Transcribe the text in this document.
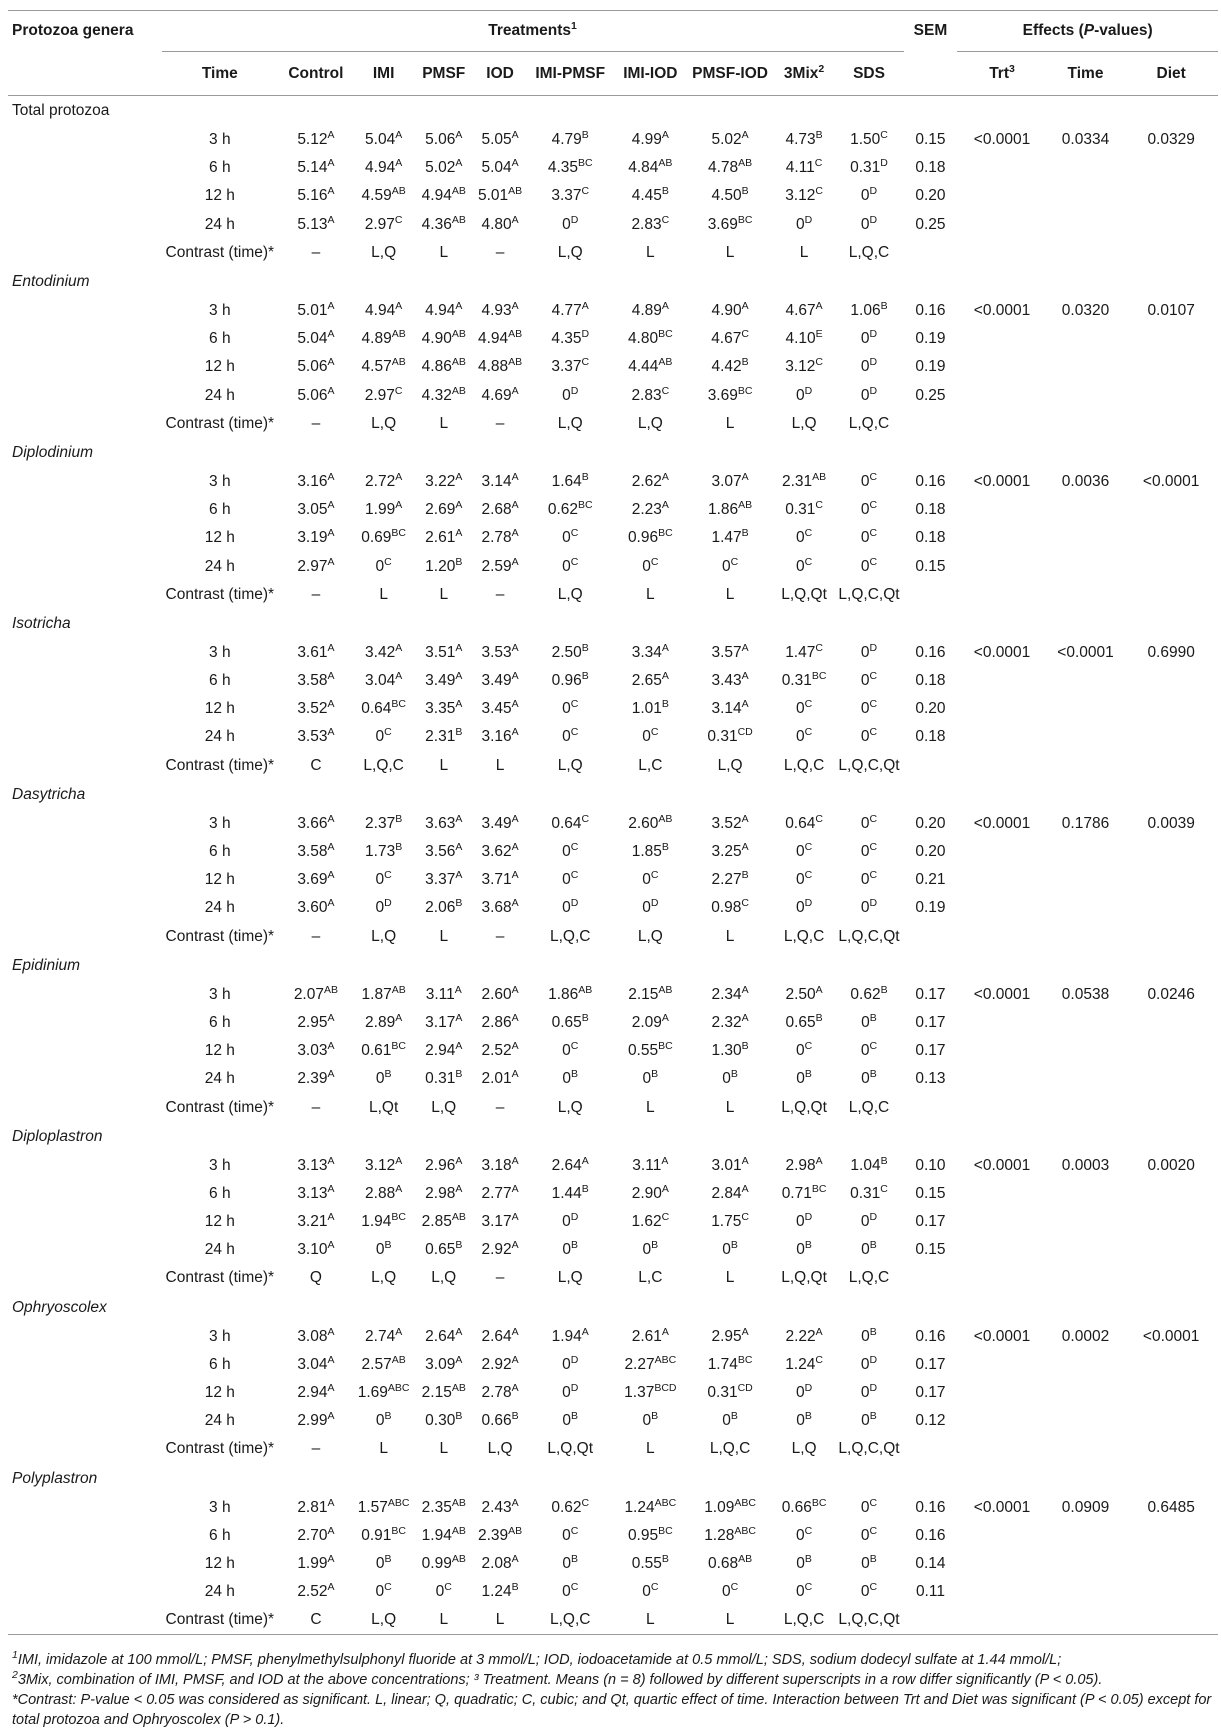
Protozoa genera	Treatments$^1$										SEM	Effects (P-values)		
	Time	Control	IMI	PMSF	IOD	IMI-PMSF	IMI-IOD	PMSF-IOD	3Mix$^2$	SDS		Trt$^3$	Time	Diet
Total protozoa														
	3 h	$5.12^A$	$5.04^A$	$5.06^A$	$5.05^A$	$4.79^B$	$4.99^A$	$5.02^A$	$4.73^B$	$1.50^C$	0.15	<0.0001	0.0334	0.0329
	6 h	$5.14^A$	$4.94^A$	$5.02^A$	$5.04^A$	$4.35^{BC}$	$4.84^{AB}$	$4.78^{AB}$	$4.11^C$	$0.31^D$	0.18			
	12 h	$5.16^A$	$4.59^{AB}$	$4.94^{AB}$	$5.01^{AB}$	$3.37^C$	$4.45^B$	$4.50^B$	$3.12^C$	$0^D$	0.20			
	24 h	$5.13^A$	$2.97^C$	$4.36^{AB}$	$4.80^A$	$0^D$	$2.83^C$	$3.69^{BC}$	$0^D$	$0^D$	0.25			
	Contrast (time)*	–	L,Q	L	–	L,Q	L	L	L	L,Q,C				
Entodinium														
	3 h	$5.01^A$	$4.94^A$	$4.94^A$	$4.93^A$	$4.77^A$	$4.89^A$	$4.90^A$	$4.67^A$	$1.06^B$	0.16	<0.0001	0.0320	0.0107
	6 h	$5.04^A$	$4.89^{AB}$	$4.90^{AB}$	$4.94^{AB}$	$4.35^D$	$4.80^{BC}$	$4.67^C$	$4.10^E$	$0^D$	0.19			
	12 h	$5.06^A$	$4.57^{AB}$	$4.86^{AB}$	$4.88^{AB}$	$3.37^C$	$4.44^{AB}$	$4.42^B$	$3.12^C$	$0^D$	0.19			
	24 h	$5.06^A$	$2.97^C$	$4.32^{AB}$	$4.69^A$	$0^D$	$2.83^C$	$3.69^{BC}$	$0^D$	$0^D$	0.25			
	Contrast (time)*	–	L,Q	L	–	L,Q	L,Q	L	L,Q	L,Q,C				
Diplodinium														
	3 h	$3.16^A$	$2.72^A$	$3.22^A$	$3.14^A$	$1.64^B$	$2.62^A$	$3.07^A$	$2.31^{AB}$	$0^C$	0.16	<0.0001	0.0036	<0.0001
	6 h	$3.05^A$	$1.99^A$	$2.69^A$	$2.68^A$	$0.62^{BC}$	$2.23^A$	$1.86^{AB}$	$0.31^C$	$0^C$	0.18			
	12 h	$3.19^A$	$0.69^{BC}$	$2.61^A$	$2.78^A$	$0^C$	$0.96^{BC}$	$1.47^B$	$0^C$	$0^C$	0.18			
	24 h	$2.97^A$	$0^C$	$1.20^B$	$2.59^A$	$0^C$	$0^C$	$0^C$	$0^C$	$0^C$	0.15			
	Contrast (time)*	–	L	L	–	L,Q	L	L	L,Q,Qt	L,Q,C,Qt				
Isotricha														
	3 h	$3.61^A$	$3.42^A$	$3.51^A$	$3.53^A$	$2.50^B$	$3.34^A$	$3.57^A$	$1.47^C$	$0^D$	0.16	<0.0001	<0.0001	0.6990
	6 h	$3.58^A$	$3.04^A$	$3.49^A$	$3.49^A$	$0.96^B$	$2.65^A$	$3.43^A$	$0.31^{BC}$	$0^C$	0.18			
	12 h	$3.52^A$	$0.64^{BC}$	$3.35^A$	$3.45^A$	$0^C$	$1.01^B$	$3.14^A$	$0^C$	$0^C$	0.20			
	24 h	$3.53^A$	$0^C$	$2.31^B$	$3.16^A$	$0^C$	$0^C$	$0.31^{CD}$	$0^C$	$0^C$	0.18			
	Contrast (time)*	C	L,Q,C	L	L	L,Q	L,C	L,Q	L,Q,C	L,Q,C,Qt				
Dasytricha														
	3 h	$3.66^A$	$2.37^B$	$3.63^A$	$3.49^A$	$0.64^C$	$2.60^{AB}$	$3.52^A$	$0.64^C$	$0^C$	0.20	<0.0001	0.1786	0.0039
	6 h	$3.58^A$	$1.73^B$	$3.56^A$	$3.62^A$	$0^C$	$1.85^B$	$3.25^A$	$0^C$	$0^C$	0.20			
	12 h	$3.69^A$	$0^C$	$3.37^A$	$3.71^A$	$0^C$	$0^C$	$2.27^B$	$0^C$	$0^C$	0.21			
	24 h	$3.60^A$	$0^D$	$2.06^B$	$3.68^A$	$0^D$	$0^D$	$0.98^C$	$0^D$	$0^D$	0.19			
	Contrast (time)*	–	L,Q	L	–	L,Q,C	L,Q	L	L,Q,C	L,Q,C,Qt				
Epidinium														
	3 h	$2.07^{AB}$	$1.87^{AB}$	$3.11^A$	$2.60^A$	$1.86^{AB}$	$2.15^{AB}$	$2.34^A$	$2.50^A$	$0.62^B$	0.17	<0.0001	0.0538	0.0246
	6 h	$2.95^A$	$2.89^A$	$3.17^A$	$2.86^A$	$0.65^B$	$2.09^A$	$2.32^A$	$0.65^B$	$0^B$	0.17			
	12 h	$3.03^A$	$0.61^{BC}$	$2.94^A$	$2.52^A$	$0^C$	$0.55^{BC}$	$1.30^B$	$0^C$	$0^C$	0.17			
	24 h	$2.39^A$	$0^B$	$0.31^B$	$2.01^A$	$0^B$	$0^B$	$0^B$	$0^B$	$0^B$	0.13			
	Contrast (time)*	–	L,Qt	L,Q	–	L,Q	L	L	L,Q,Qt	L,Q,C				
Diploplastron														
	3 h	$3.13^A$	$3.12^A$	$2.96^A$	$3.18^A$	$2.64^A$	$3.11^A$	$3.01^A$	$2.98^A$	$1.04^B$	0.10	<0.0001	0.0003	0.0020
	6 h	$3.13^A$	$2.88^A$	$2.98^A$	$2.77^A$	$1.44^B$	$2.90^A$	$2.84^A$	$0.71^{BC}$	$0.31^C$	0.15			
	12 h	$3.21^A$	$1.94^{BC}$	$2.85^{AB}$	$3.17^A$	$0^D$	$1.62^C$	$1.75^C$	$0^D$	$0^D$	0.17			
	24 h	$3.10^A$	$0^B$	$0.65^B$	$2.92^A$	$0^B$	$0^B$	$0^B$	$0^B$	$0^B$	0.15			
	Contrast (time)*	Q	L,Q	L,Q	–	L,Q	L,C	L	L,Q,Qt	L,Q,C				
Ophryoscolex														
	3 h	$3.08^A$	$2.74^A$	$2.64^A$	$2.64^A$	$1.94^A$	$2.61^A$	$2.95^A$	$2.22^A$	$0^B$	0.16	<0.0001	0.0002	<0.0001
	6 h	$3.04^A$	$2.57^{AB}$	$3.09^A$	$2.92^A$	$0^D$	$2.27^{ABC}$	$1.74^{BC}$	$1.24^C$	$0^D$	0.17			
	12 h	$2.94^A$	$1.69^{ABC}$	$2.15^{AB}$	$2.78^A$	$0^D$	$1.37^{BCD}$	$0.31^{CD}$	$0^D$	$0^D$	0.17			
	24 h	$2.99^A$	$0^B$	$0.30^B$	$0.66^B$	$0^B$	$0^B$	$0^B$	$0^B$	$0^B$	0.12			
	Contrast (time)*	–	L	L	L,Q	L,Q,Qt	L	L,Q,C	L,Q	L,Q,C,Qt				
Polyplastron														
	3 h	$2.81^A$	$1.57^{ABC}$	$2.35^{AB}$	$2.43^A$	$0.62^C$	$1.24^{ABC}$	$1.09^{ABC}$	$0.66^{BC}$	$0^C$	0.16	<0.0001	0.0909	0.6485
	6 h	$2.70^A$	$0.91^{BC}$	$1.94^{AB}$	$2.39^{AB}$	$0^C$	$0.95^{BC}$	$1.28^{ABC}$	$0^C$	$0^C$	0.16			
	12 h	$1.99^A$	$0^B$	$0.99^{AB}$	$2.08^A$	$0^B$	$0.55^B$	$0.68^{AB}$	$0^B$	$0^B$	0.14			
	24 h	$2.52^A$	$0^C$	$0^C$	$1.24^B$	$0^C$	$0^C$	$0^C$	$0^C$	$0^C$	0.11			
	Contrast (time)*	C	L,Q	L	L	L,Q,C	L	L	L,Q,C	L,Q,C,Qt				

$^1$IMI, imidazole at 100 mmol/L; PMSF, phenylmethylsulphonyl fluoride at 3 mmol/L; IOD, iodoacetamide at 0.5 mmol/L; SDS, sodium dodecyl sulfate at 1.44 mmol/L;

$^2$3Mix, combination of IMI, PMSF, and IOD at the above concentrations; ³ Treatment. Means (n = 8) followed by different superscripts in a row differ significantly (P < 0.05).

*Contrast: P-value < 0.05 was considered as significant. L, linear; Q, quadratic; C, cubic; and Qt, quartic effect of time. Interaction between Trt and Diet was significant (P < 0.05) except for total protozoa and Ophryoscolex (P > 0.1).
